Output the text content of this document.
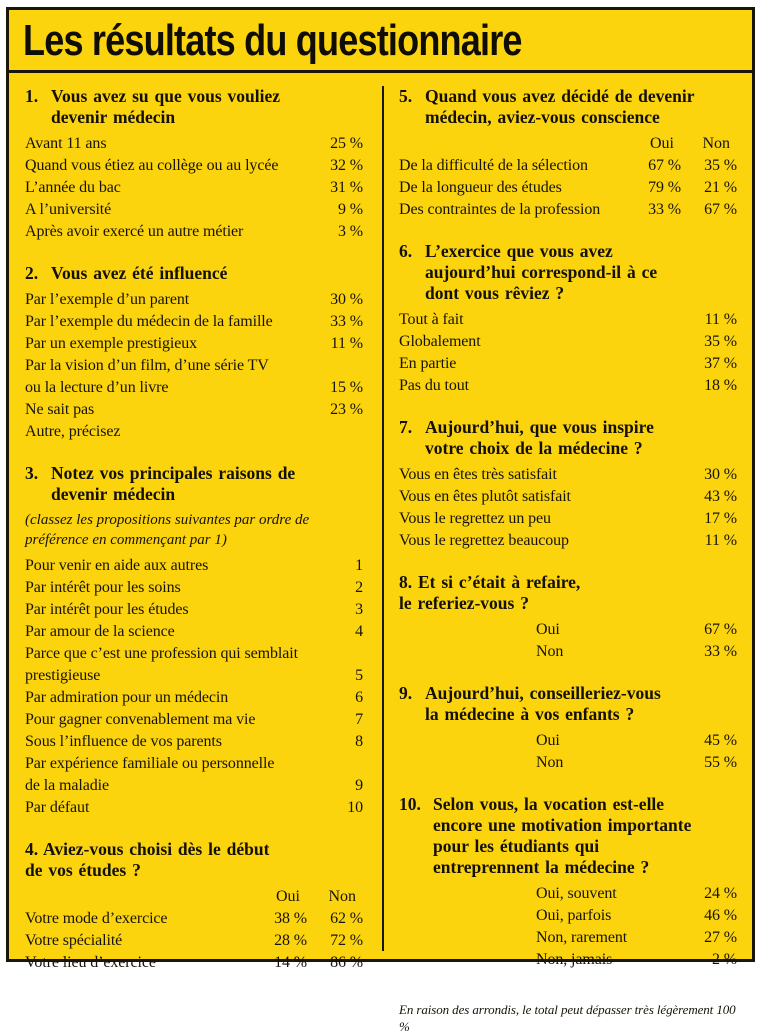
Les résultats du questionnaire
1. Vous avez su que vous vouliez
devenir médecin
Avant 11 ans	25 %
Quand vous étiez au collège ou au lycée	32 %
L’année du bac	31 %
A l’université	9 %
Après avoir exercé un autre métier	3 %
2. Vous avez été influencé
Par l’exemple d’un parent	30 %
Par l’exemple du médecin de la famille	33 %
Par un exemple prestigieux	11 %
Par la vision d’un film, d’une série TV
ou la lecture d’un livre	15 %
Ne sait pas	23 %
Autre, précisez
3. Notez vos principales raisons de
devenir médecin
(classez les propositions suivantes par ordre de préférence en commençant par 1)
Pour venir en aide aux autres	1
Par intérêt pour les soins	2
Par intérêt pour les études	3
Par amour de la science	4
Parce que c’est une profession qui semblait
prestigieuse	5
Par admiration pour un médecin	6
Pour gagner convenablement ma vie	7
Sous l’influence de vos parents	8
Par expérience familiale ou personnelle
de la maladie	9
Par défaut	10
4. Aviez-vous choisi dès le début
de vos études ?
Oui	Non
Votre mode d’exercice	38 %	62 %
Votre spécialité	28 %	72 %
Votre lieu d’exercice	14 %	86 %
5. Quand vous avez décidé de devenir
médecin, aviez-vous conscience
Oui	Non
De la difficulté de la sélection	67 %	35 %
De la longueur des études	79 %	21 %
Des contraintes de la profession	33 %	67 %
6. L’exercice que vous avez
aujourd’hui correspond-il à ce
dont vous rêviez ?
Tout à fait	11 %
Globalement	35 %
En partie	37 %
Pas du tout	18 %
7. Aujourd’hui, que vous inspire
votre choix de la médecine ?
Vous en êtes très satisfait	30 %
Vous en êtes plutôt satisfait	43 %
Vous le regrettez un peu	17 %
Vous le regrettez beaucoup	11 %
8. Et si c’était à refaire,
le referiez-vous ?
Oui	67 %
Non	33 %
9. Aujourd’hui, conseilleriez-vous
la médecine à vos enfants ?
Oui	45 %
Non	55 %
10. Selon vous, la vocation est-elle
encore une motivation importante
pour les étudiants qui
entreprennent la médecine ?
Oui, souvent	24 %
Oui, parfois	46 %
Non, rarement	27 %
Non, jamais	2 %
En raison des arrondis, le total peut dépasser très légèrement 100 %
